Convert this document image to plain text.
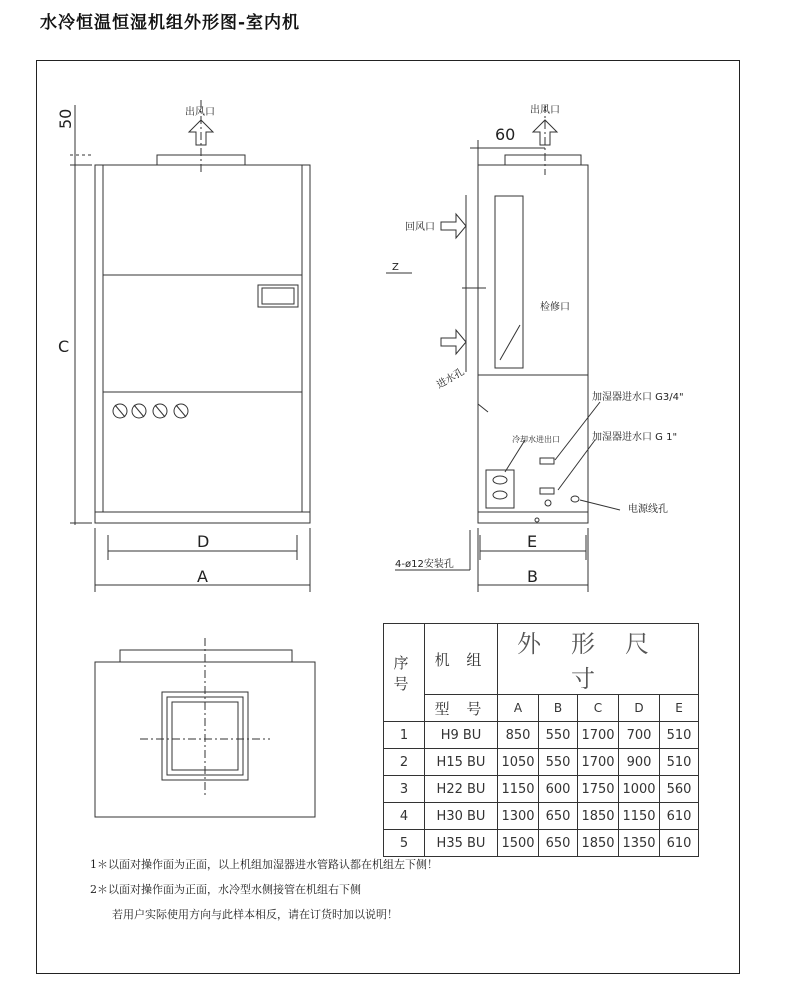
水冷恒温恒湿机组外形图-室内机
出风口
50
C
D
A
出风口
60
回风口
Z
检修口
进水孔
加湿器进水口 G3/4"
加湿器进水口 G 1"
冷却水进出口
电源线孔
4-ø12安装孔
E
B
序号	机 组	外形尺寸				
	型 号	A	B	C	D	E
1	H9 BU	850	550	1700	700	510
2	H15 BU	1050	550	1700	900	510
3	H22 BU	1150	600	1750	1000	560
4	H30 BU	1300	650	1850	1150	610
5	H35 BU	1500	650	1850	1350	610
1＊以面对操作面为正面，以上机组加湿器进水管路认都在机组左下侧！
2＊以面对操作面为正面，水冷型水侧接管在机组右下侧
若用户实际使用方向与此样本相反，请在订货时加以说明！
